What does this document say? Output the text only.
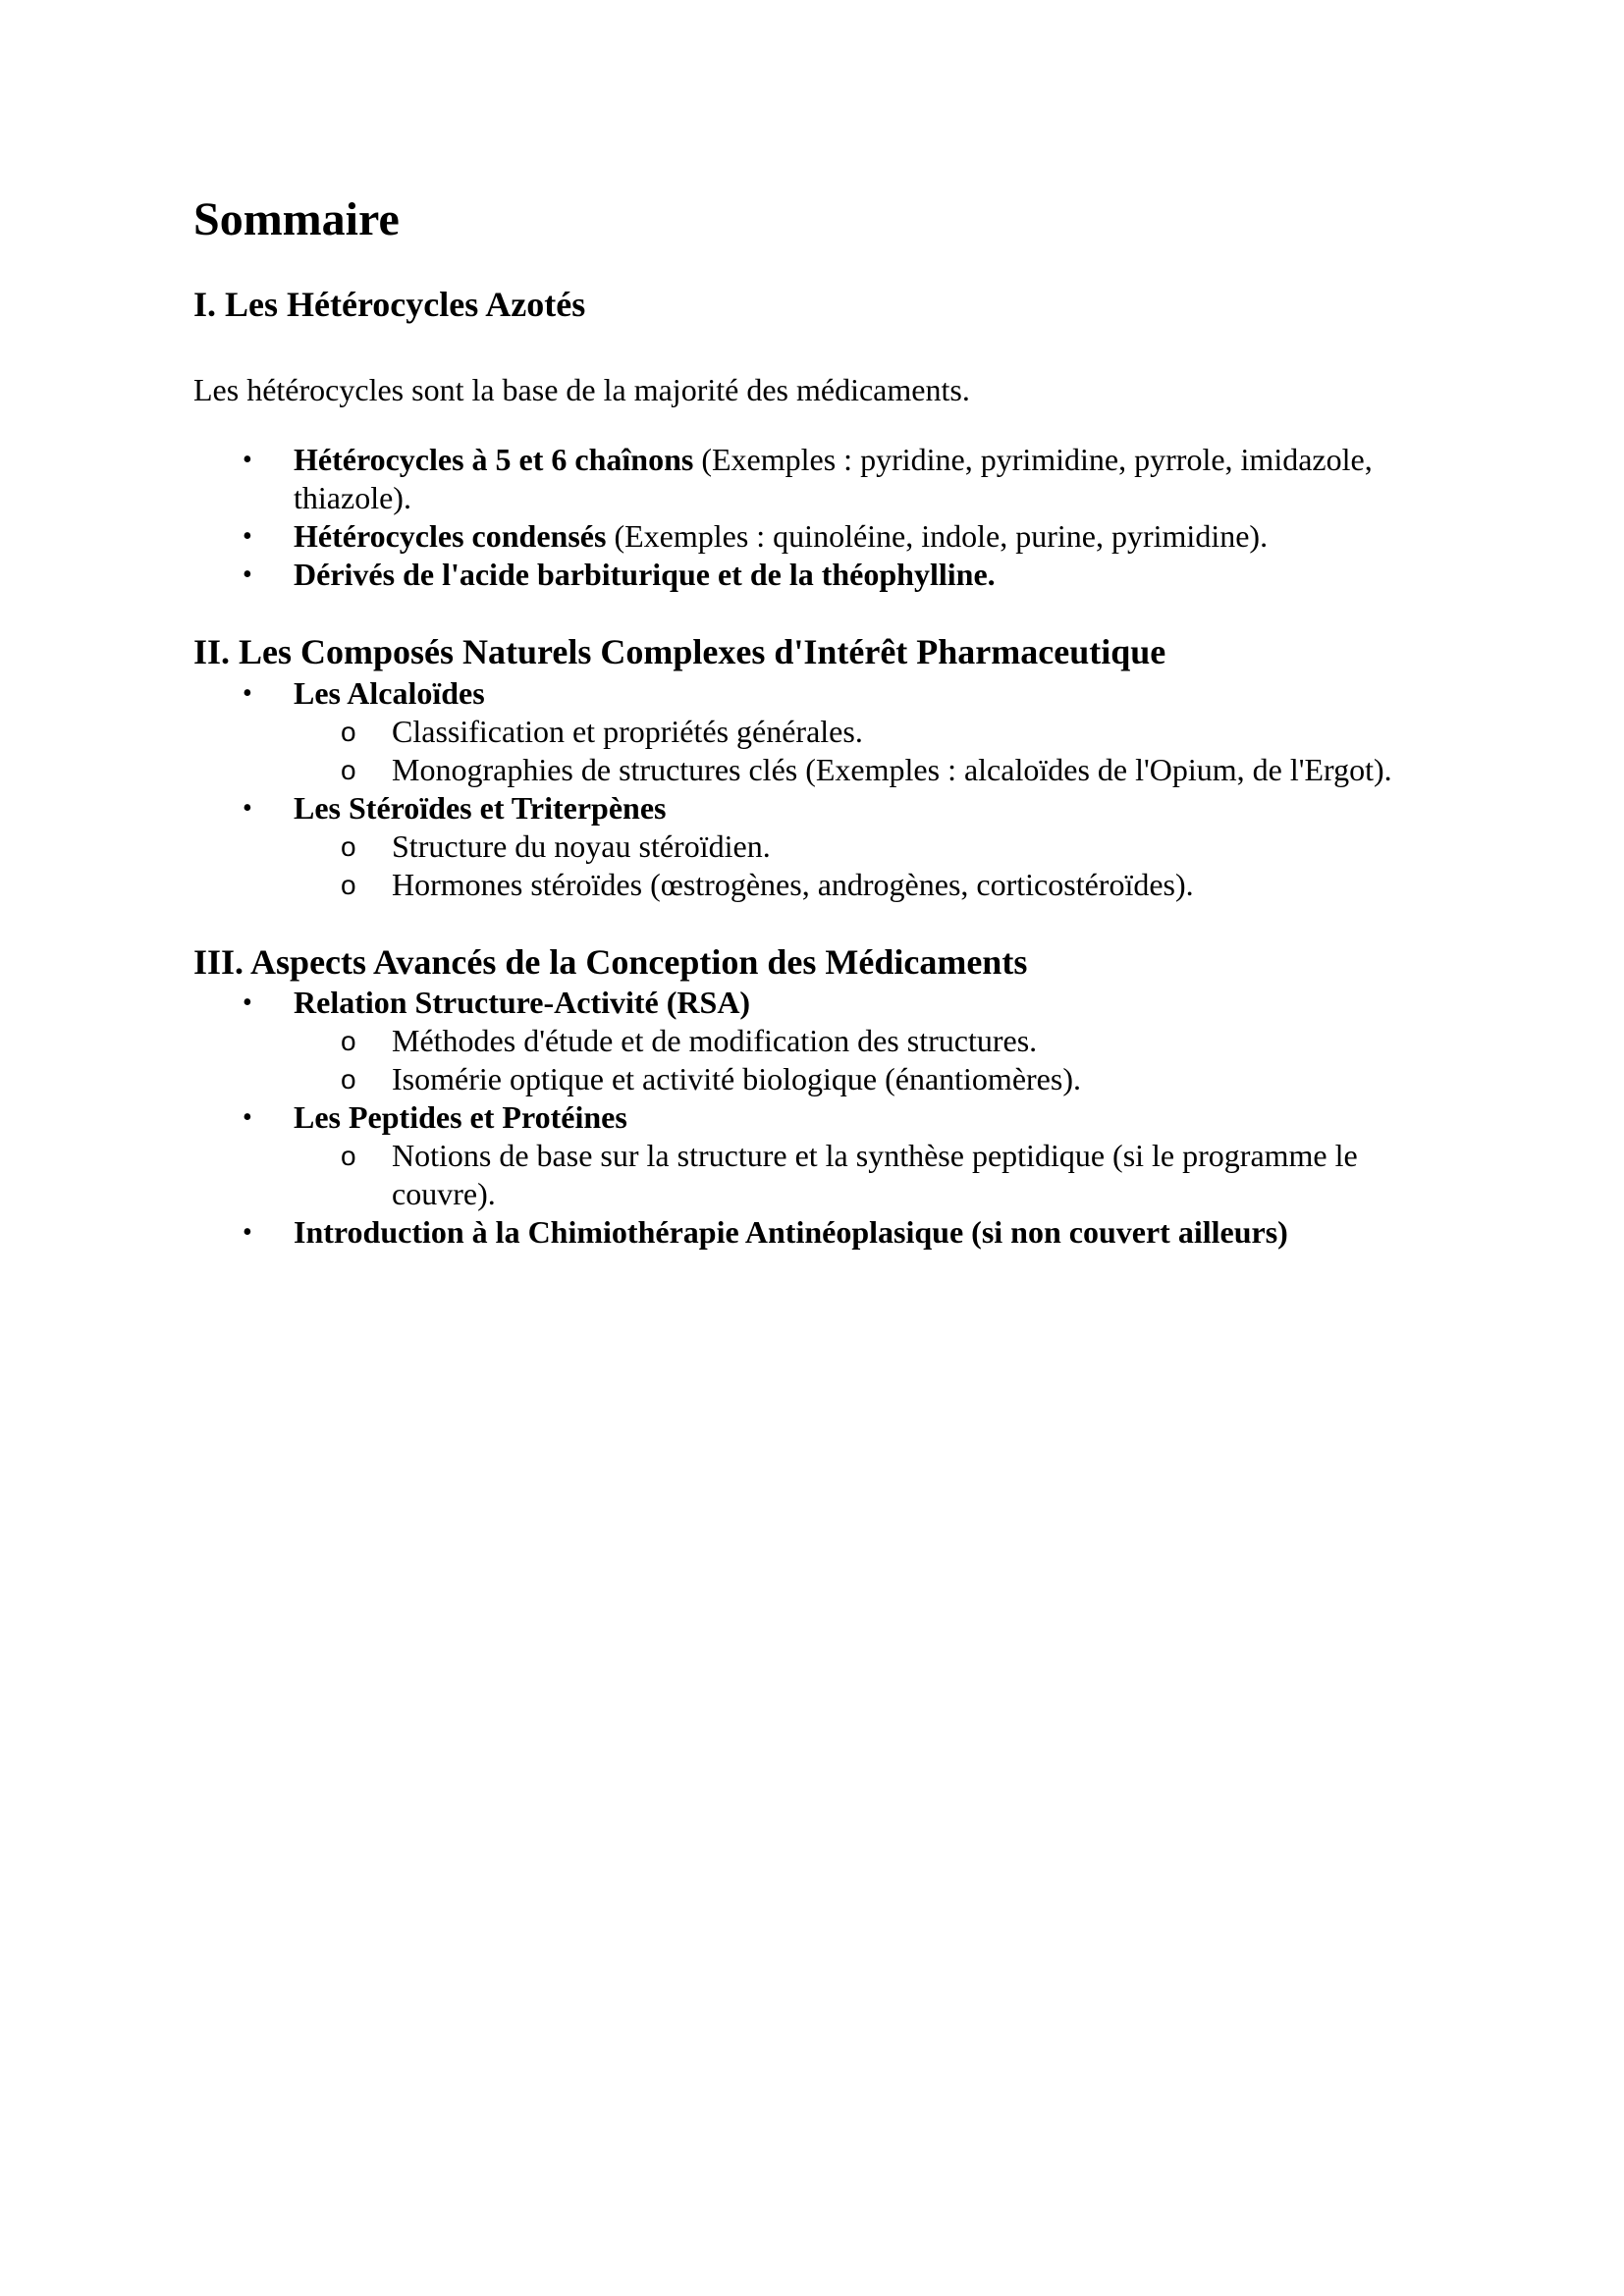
Sommaire
I. Les Hétérocycles Azotés

Les hétérocycles sont la base de la majorité des médicaments.

• Hétérocycles à 5 et 6 chaînons (Exemples : pyridine, pyrimidine, pyrrole, imidazole, thiazole).
• Hétérocycles condensés (Exemples : quinoléine, indole, purine, pyrimidine).
• Dérivés de l'acide barbiturique et de la théophylline.
II. Les Composés Naturels Complexes d'Intérêt Pharmaceutique
• Les Alcaloïdes
o Classification et propriétés générales.
o Monographies de structures clés (Exemples : alcaloïdes de l'Opium, de l'Ergot).
• Les Stéroïdes et Triterpènes
o Structure du noyau stéroïdien.
o Hormones stéroïdes (œstrogènes, androgènes, corticostéroïdes).
III. Aspects Avancés de la Conception des Médicaments
• Relation Structure-Activité (RSA)
o Méthodes d'étude et de modification des structures.
o Isomérie optique et activité biologique (énantiomères).
• Les Peptides et Protéines
o Notions de base sur la structure et la synthèse peptidique (si le programme le couvre).
• Introduction à la Chimiothérapie Antinéoplasique (si non couvert ailleurs)
